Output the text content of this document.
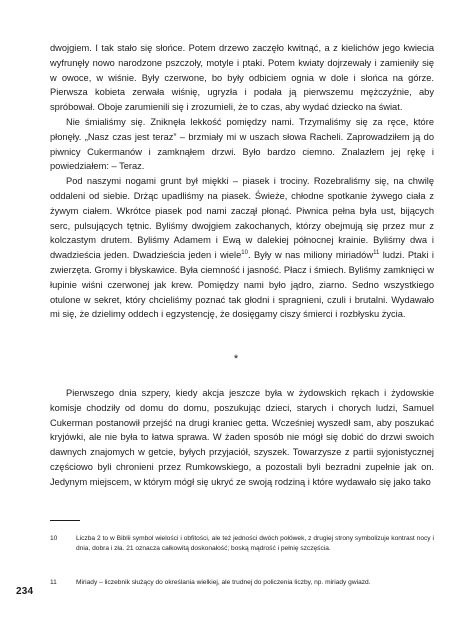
dwojgiem. I tak stało się słońce. Potem drzewo zaczęło kwitnąć, a z kielichów jego kwiecia wyfrunęły nowo narodzone pszczoły, motyle i ptaki. Potem kwiaty dojrzewały i zamieniły się w owoce, w wiśnie. Były czerwone, bo były odbiciem ognia w dole i słońca na górze. Pierwsza kobieta zerwała wiśnię, ugryzła i podała ją pierwszemu mężczyźnie, aby spróbował. Oboje zarumienili się i zrozumieli, że to czas, aby wydać dziecko na świat.

Nie śmialiśmy się. Zniknęła lekkość pomiędzy nami. Trzymaliśmy się za ręce, które płonęły. „Nasz czas jest teraz” – brzmiały mi w uszach słowa Racheli. Zaprowadziłem ją do piwnicy Cukermanów i zamknąłem drzwi. Było bardzo ciemno. Znalazłem jej rękę i powiedziałem: – Teraz.

Pod naszymi nogami grunt był miękki – piasek i trociny. Rozebraliśmy się, na chwilę oddaleni od siebie. Drżąc upadliśmy na piasek. Świeże, chłodne spotkanie żywego ciała z żywym ciałem. Wkrótce piasek pod nami zaczął płonąć. Piwnica pełna była ust, bijących serc, pulsujących tętnic. Byliśmy dwojgiem zakochanych, którzy obejmują się przez mur z kolczastym drutem. Byliśmy Adamem i Ewą w dalekiej północnej krainie. Byliśmy dwa i dwadzieścia jeden. Dwadzieścia jeden i wiele$^{10}$. Były w nas miliony miriadów$^{11}$ ludzi. Ptaki i zwierzęta. Gromy i błyskawice. Była ciemność i jasność. Płacz i śmiech. Byliśmy zamknięci w łupinie wiśni czerwonej jak krew. Pomiędzy nami było jądro, ziarno. Sedno wszystkiego otulone w sekret, który chcieliśmy poznać tak głodni i spragnieni, czuli i brutalni. Wydawało mi się, że dzielimy oddech i egzystencję, że dosięgamy ciszy śmierci i rozbłysku życia.

*

Pierwszego dnia szpery, kiedy akcja jeszcze była w żydowskich rękach i żydowskie komisje chodziły od domu do domu, poszukując dzieci, starych i chorych ludzi, Samuel Cukerman postanowił przejść na drugi kraniec getta. Wcześniej wyszedł sam, aby poszukać kryjówki, ale nie była to łatwa sprawa. W żaden sposób nie mógł się dobić do drzwi swoich dawnych znajomych w getcie, byłych przyjaciół, szyszek. Towarzysze z partii syjonistycznej częściowo byli chronieni przez Rumkowskiego, a pozostali byli bezradni zupełnie jak on. Jedynym miejscem, w którym mógł się ukryć ze swoją rodziną i które wydawało się jako tako

10	Liczba 2 to w Biblii symbol wielości i obfitości, ale też jedności dwóch połówek, z drugiej strony symbolizuje kontrast nocy i dnia, dobra i zła. 21 oznacza całkowitą doskonałość; boską mądrość i pełnię szczęścia.
11	Miriady – liczebnik służący do określania wielkiej, ale trudnej do policzenia liczby, np. miriady gwiazd.
234
